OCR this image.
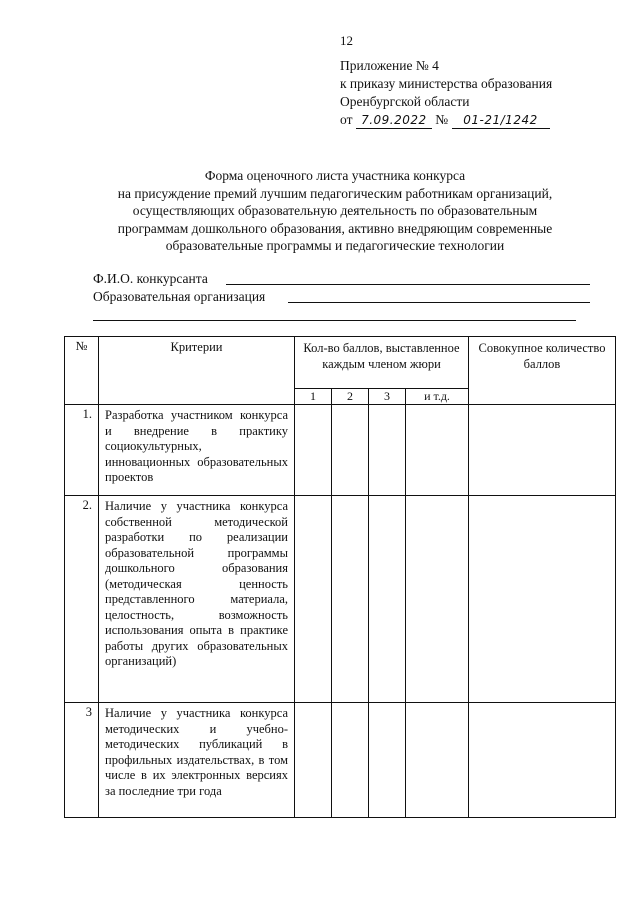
12
Приложение № 4
к приказу министерства образования
Оренбургской области
от 7.09.2022 № 01-21/1242
Форма оценочного листа участника конкурса
на присуждение премий лучшим педагогическим работникам организаций,
осуществляющих образовательную деятельность по образовательным
программам дошкольного образования, активно внедряющим современные
образовательные программы и педагогические технологии
Ф.И.О. конкурсанта
Образовательная организация
№	Критерии	Кол-во баллов, выставленное каждым членом жюри				Совокупное количество баллов
		1	2	3	и т.д.	
1.	Разработка участником конкурса и внедрение в практику социокультурных, инновационных образовательных проектов					
2.	Наличие у участника конкурса собственной методической разработки по реализации образовательной программы дошкольного образования (методическая ценность представленного материала, целостность, возможность использования опыта в практике работы других образовательных организаций)					
3	Наличие у участника конкурса методических и учебно-методических публикаций в профильных издательствах, в том числе в их электронных версиях за последние три года					
